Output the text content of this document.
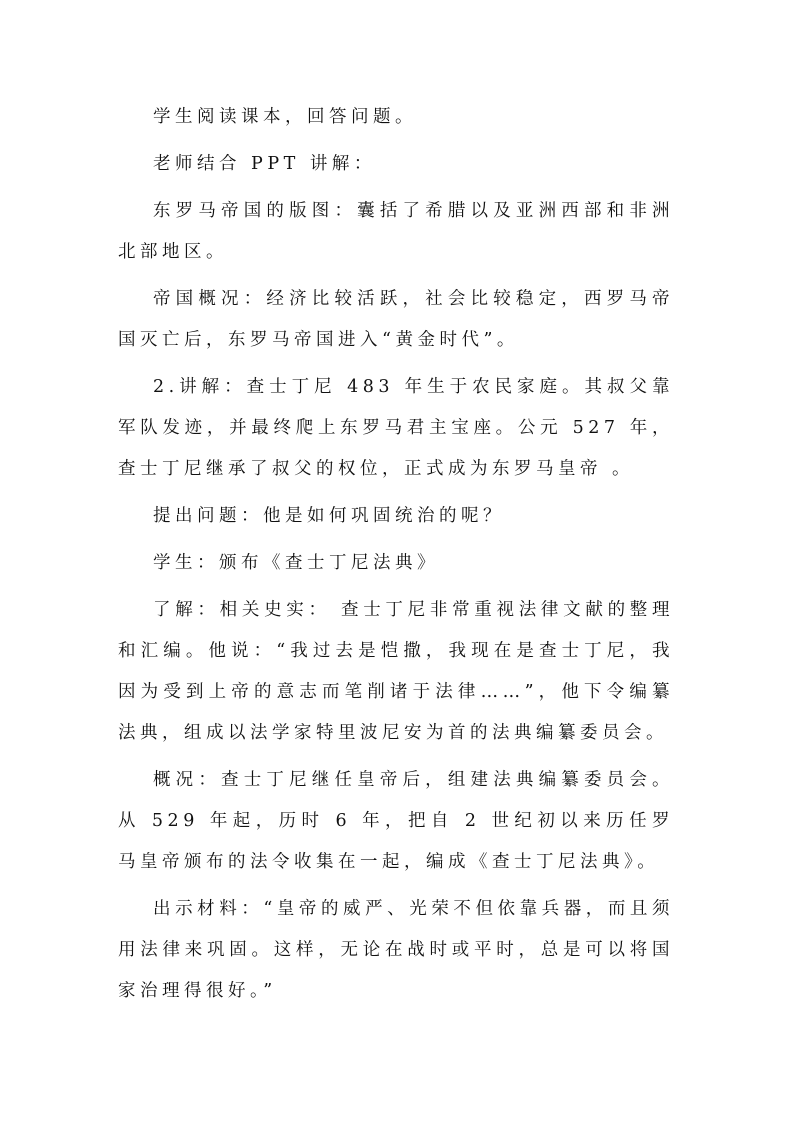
学生阅读课本，回答问题。

老师结合 PPT 讲解：

东罗马帝国的版图：囊括了希腊以及亚洲西部和非洲北部地区。

帝国概况：经济比较活跃，社会比较稳定，西罗马帝国灭亡后，东罗马帝国进入“黄金时代”。

2.讲解：查士丁尼 483 年生于农民家庭。其叔父靠军队发迹，并最终爬上东罗马君主宝座。公元 527 年，查士丁尼继承了叔父的权位，正式成为东罗马皇帝 。

提出问题：他是如何巩固统治的呢？

学生：颁布《查士丁尼法典》

了解：相关史实： 查士丁尼非常重视法律文献的整理和汇编。他说：“我过去是恺撒，我现在是查士丁尼，我因为受到上帝的意志而笔削诸于法律……”，他下令编纂法典，组成以法学家特里波尼安为首的法典编纂委员会。

概况：查士丁尼继任皇帝后，组建法典编纂委员会。从 529 年起，历时 6 年，把自 2 世纪初以来历任罗马皇帝颁布的法令收集在一起，编成《查士丁尼法典》。

出示材料：“皇帝的威严、光荣不但依靠兵器，而且须用法律来巩固。这样，无论在战时或平时，总是可以将国家治理得很好。”
